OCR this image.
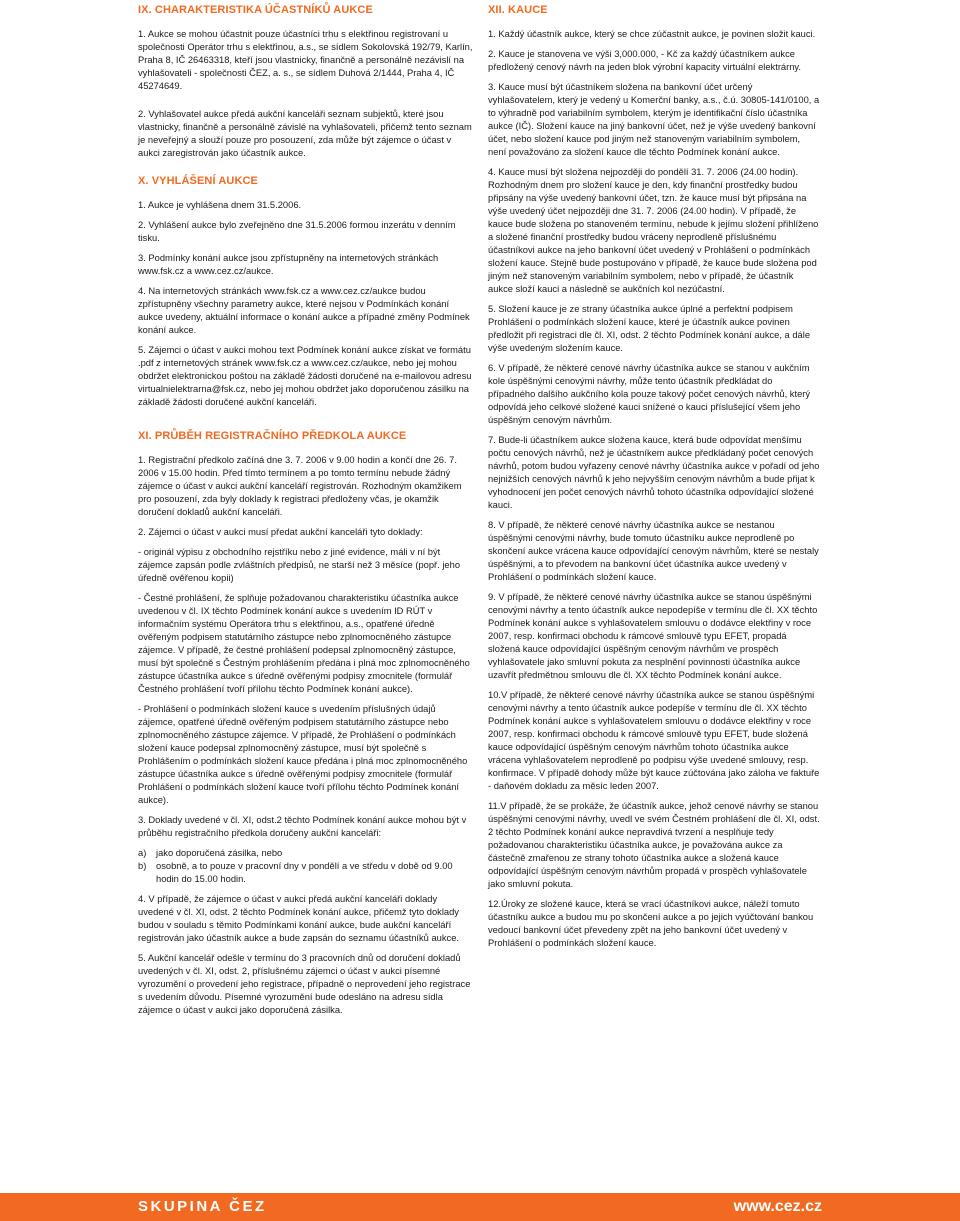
IX. CHARAKTERISTIKA ÚČASTNÍKŮ AUKCE

1. Aukce se mohou účastnit pouze účastníci trhu s elektřinou registrovaní u společnosti Operátor trhu s elektřinou, a.s., se sídlem Sokolovská 192/79, Karlín, Praha 8, IČ 26463318, kteří jsou vlastnicky, finančně a personálně nezávislí na vyhlašovateli - společnosti ČEZ, a. s., se sídlem Duhová 2/1444, Praha 4, IČ 45274649.

2. Vyhlašovatel aukce předá aukční kanceláři seznam subjektů, které jsou vlastnicky, finančně a personálně závislé na vyhlašovateli, přičemž tento seznam je neveřejný a slouží pouze pro posouzení, zda může být zájemce o účast v aukci zaregistrován jako účastník aukce.

X. VYHLÁŠENÍ AUKCE

1. Aukce je vyhlášena dnem 31.5.2006.

2. Vyhlášení aukce bylo zveřejněno dne 31.5.2006 formou inzerátu v denním tisku.

3. Podmínky konání aukce jsou zpřístupněny na internetových stránkách www.fsk.cz a www.cez.cz/aukce.

4. Na internetových stránkách www.fsk.cz a www.cez.cz/aukce budou zpřístupněny všechny parametry aukce, které nejsou v Podmínkách konání aukce uvedeny, aktuální informace o konání aukce a případné změny Podmínek konání aukce.

5. Zájemci o účast v aukci mohou text Podmínek konání aukce získat ve formátu .pdf z internetových stránek www.fsk.cz a www.cez.cz/aukce, nebo jej mohou obdržet elektronickou poštou na základě žádosti doručené na e-mailovou adresu virtualnielektrarna@fsk.cz, nebo jej mohou obdržet jako doporučenou zásilku na základě žádosti doručené aukční kanceláři.

XI. PRŮBĚH REGISTRAČNÍHO PŘEDKOLA AUKCE

1. Registrační předkolo začíná dne 3. 7. 2006 v 9.00 hodin a končí dne 26. 7. 2006 v 15.00 hodin. Před tímto termínem a po tomto termínu nebude žádný zájemce o účast v aukci aukční kanceláří registrován. Rozhodným okamžikem pro posouzení, zda byly doklady k registraci předloženy včas, je okamžik doručení dokladů aukční kanceláři.

2. Zájemci o účast v aukci musí předat aukční kanceláři tyto doklady:

- originál výpisu z obchodního rejstříku nebo z jiné evidence, máli v ní být zájemce zapsán podle zvláštních předpisů, ne starší než 3 měsíce (popř. jeho úředně ověřenou kopii)

- Čestné prohlášení, že splňuje požadovanou charakteristiku účastníka aukce uvedenou v čl. IX těchto Podmínek konání aukce s uvedením ID RÚT v informačním systému Operátora trhu s elektřinou, a.s., opatřené úředně ověřeným podpisem statutárního zástupce nebo zplnomocněného zástupce zájemce. V případě, že čestné prohlášení podepsal zplnomocněný zástupce, musí být společně s Čestným prohlášením předána i plná moc zplnomocněného zástupce účastníka aukce s úředně ověřenými podpisy zmocnitele (formulář Čestného prohlášení tvoří přílohu těchto Podmínek konání aukce).

- Prohlášení o podmínkách složení kauce s uvedením příslušných údajů zájemce, opatřené úředně ověřeným podpisem statutárního zástupce nebo zplnomocněného zástupce zájemce. V případě, že Prohlášení o podmínkách složení kauce podepsal zplnomocněný zástupce, musí být společně s Prohlášením o podmínkách složení kauce předána i plná moc zplnomocněného zástupce účastníka aukce s úředně ověřenými podpisy zmocnitele (formulář Prohlášení o podmínkách složení kauce tvoří přílohu těchto Podmínek konání aukce).

3. Doklady uvedené v čl. XI, odst.2 těchto Podmínek konání aukce mohou být v průběhu registračního předkola doručeny aukční kanceláři:

a)	jako doporučená zásilka, nebo
b)	osobně, a to pouze v pracovní dny v pondělí a ve středu v době od 9.00 hodin do 15.00 hodin.

4. V případě, že zájemce o účast v aukci předá aukční kanceláři doklady uvedené v čl. XI, odst. 2 těchto Podmínek konání aukce, přičemž tyto doklady budou v souladu s těmito Podmínkami konání aukce, bude aukční kanceláří registrován jako účastník aukce a bude zapsán do seznamu účastníků aukce.

5. Aukční kancelář odešle v termínu do 3 pracovních dnů od doručení dokladů uvedených v čl. XI, odst. 2, příslušnému zájemci o účast v aukci písemné vyrozumění o provedení jeho registrace, případně o neprovedení jeho registrace s uvedením důvodu. Písemné vyrozumění bude odesláno na adresu sídla zájemce o účast v aukci jako doporučená zásilka.

XII. KAUCE

1. Každý účastník aukce, který se chce zúčastnit aukce, je povinen složit kauci.

2. Kauce je stanovena ve výši 3,000.000, - Kč za každý účastníkem aukce předložený cenový návrh na jeden blok výrobní kapacity virtuální elektrárny.

3. Kauce musí být účastníkem složena na bankovní účet určený vyhlašovatelem, který je vedený u Komerční banky, a.s., č.ú. 30805-141/0100, a to výhradně pod variabilním symbolem, kterým je identifikační číslo účastníka aukce (IČ). Složení kauce na jiný bankovní účet, než je výše uvedený bankovní účet, nebo složení kauce pod jiným než stanoveným variabilním symbolem, není považováno za složení kauce dle těchto Podmínek konání aukce.

4. Kauce musí být složena nejpozději do pondělí 31. 7. 2006 (24.00 hodin). Rozhodným dnem pro složení kauce je den, kdy finanční prostředky budou připsány na výše uvedený bankovní účet, tzn. že kauce musí být připsána na výše uvedený účet nejpozději dne 31. 7. 2006 (24.00 hodin). V případě, že kauce bude složena po stanoveném termínu, nebude k jejímu složení přihlíženo a složené finanční prostředky budou vráceny neprodleně příslušnému účastníkovi aukce na jeho bankovní účet uvedený v Prohlášení o podmínkách složení kauce. Stejně bude postupováno v případě, že kauce bude složena pod jiným než stanoveným variabilním symbolem, nebo v případě, že účastník aukce složí kauci a následně se aukčních kol nezúčastní.

5. Složení kauce je ze strany účastníka aukce úplné a perfektní podpisem Prohlášení o podmínkách složení kauce, které je účastník aukce povinen předložit při registraci dle čl. XI, odst. 2 těchto Podmínek konání aukce, a dále výše uvedeným složením kauce.

6. V případě, že některé cenové návrhy účastníka aukce se stanou v aukčním kole úspěšnými cenovými návrhy, může tento účastník předkládat do případného dalšího aukčního kola pouze takový počet cenových návrhů, který odpovídá jeho celkové složené kauci snížené o kauci příslušející všem jeho úspěšným cenovým návrhům.

7. Bude-li účastníkem aukce složena kauce, která bude odpovídat menšímu počtu cenových návrhů, než je účastníkem aukce předkládaný počet cenových návrhů, potom budou vyřazeny cenové návrhy účastníka aukce v pořadí od jeho nejnižších cenových návrhů k jeho nejvyšším cenovým návrhům a bude přijat k vyhodnocení jen počet cenových návrhů tohoto účastníka odpovídající složené kauci.

8. V případě, že některé cenové návrhy účastníka aukce se nestanou úspěšnými cenovými návrhy, bude tomuto účastníku aukce neprodleně po skončení aukce vrácena kauce odpovídající cenovým návrhům, které se nestaly úspěšnými, a to převodem na bankovní účet účastníka aukce uvedený v Prohlášení o podmínkách složení kauce.

9. V případě, že některé cenové návrhy účastníka aukce se stanou úspěšnými cenovými návrhy a tento účastník aukce nepodepíše v termínu dle čl. XX těchto Podmínek konání aukce s vyhlašovatelem smlouvu o dodávce elektřiny v roce 2007, resp. konfirmaci obchodu k rámcové smlouvě typu EFET, propadá složená kauce odpovídající úspěšným cenovým návrhům ve prospěch vyhlašovatele jako smluvní pokuta za nesplnění povinnosti účastníka aukce uzavřít předmětnou smlouvu dle čl. XX těchto Podmínek konání aukce.

10.V případě, že některé cenové návrhy účastníka aukce se stanou úspěšnými cenovými návrhy a tento účastník aukce podepíše v termínu dle čl. XX těchto Podmínek konání aukce s vyhlašovatelem smlouvu o dodávce elektřiny v roce 2007, resp. konfirmaci obchodu k rámcové smlouvě typu EFET, bude složená kauce odpovídající úspěšným cenovým návrhům tohoto účastníka aukce vrácena vyhlašovatelem neprodleně po podpisu výše uvedené smlouvy, resp. konfirmace. V případě dohody může být kauce zúčtována jako záloha ve faktuře - daňovém dokladu za měsíc leden 2007.

11.V případě, že se prokáže, že účastník aukce, jehož cenové návrhy se stanou úspěšnými cenovými návrhy, uvedl ve svém Čestném prohlášení dle čl. XI, odst. 2 těchto Podmínek konání aukce nepravdivá tvrzení a nesplňuje tedy požadovanou charakteristiku účastníka aukce, je považována aukce za částečně zmařenou ze strany tohoto účastníka aukce a složená kauce odpovídající úspěšným cenovým návrhům propadá v prospěch vyhlašovatele jako smluvní pokuta.

12.Úroky ze složené kauce, která se vrací účastníkovi aukce, náleží tomuto účastníku aukce a budou mu po skončení aukce a po jejich vyúčtování bankou vedoucí bankovní účet převedeny zpět na jeho bankovní účet uvedený v Prohlášení o podmínkách složení kauce.

SKUPINA ČEZ	www.cez.cz
